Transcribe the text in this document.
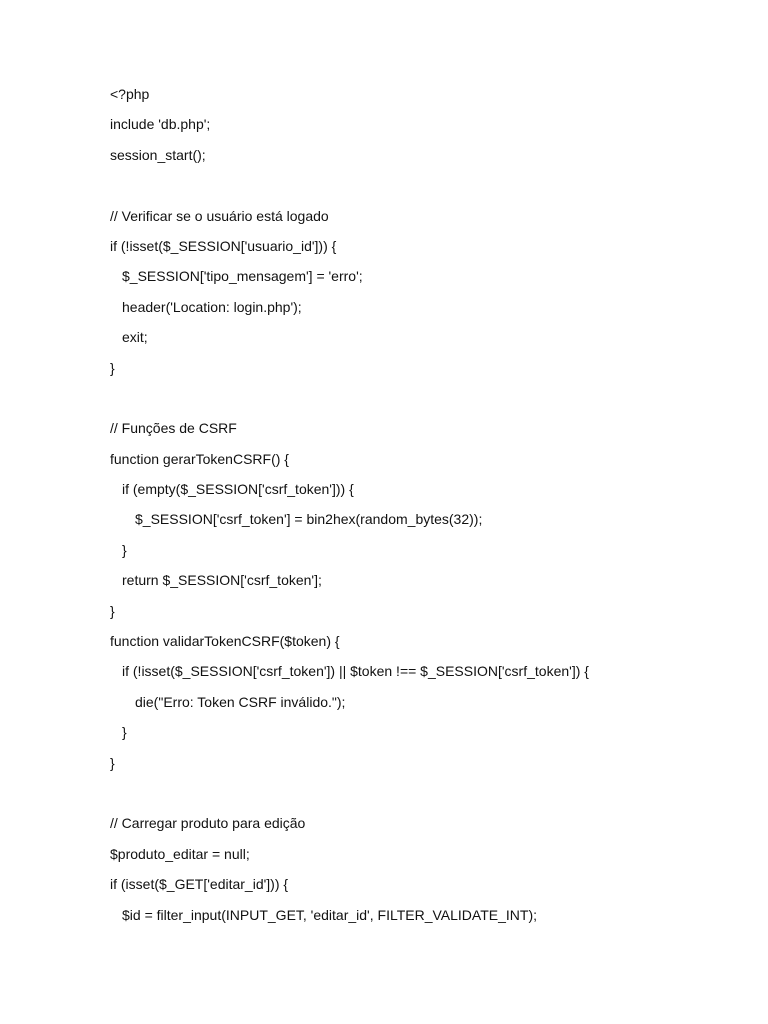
<?php
include 'db.php';
session_start();
// Verificar se o usuário está logado
if (!isset($_SESSION['usuario_id'])) {
$_SESSION['tipo_mensagem'] = 'erro';
header('Location: login.php');
exit;
}
// Funções de CSRF
function gerarTokenCSRF() {
if (empty($_SESSION['csrf_token'])) {
$_SESSION['csrf_token'] = bin2hex(random_bytes(32));
}
return $_SESSION['csrf_token'];
}
function validarTokenCSRF($token) {
if (!isset($_SESSION['csrf_token']) || $token !== $_SESSION['csrf_token']) {
die("Erro: Token CSRF inválido.");
}
}
// Carregar produto para edição
$produto_editar = null;
if (isset($_GET['editar_id'])) {
$id = filter_input(INPUT_GET, 'editar_id', FILTER_VALIDATE_INT);
